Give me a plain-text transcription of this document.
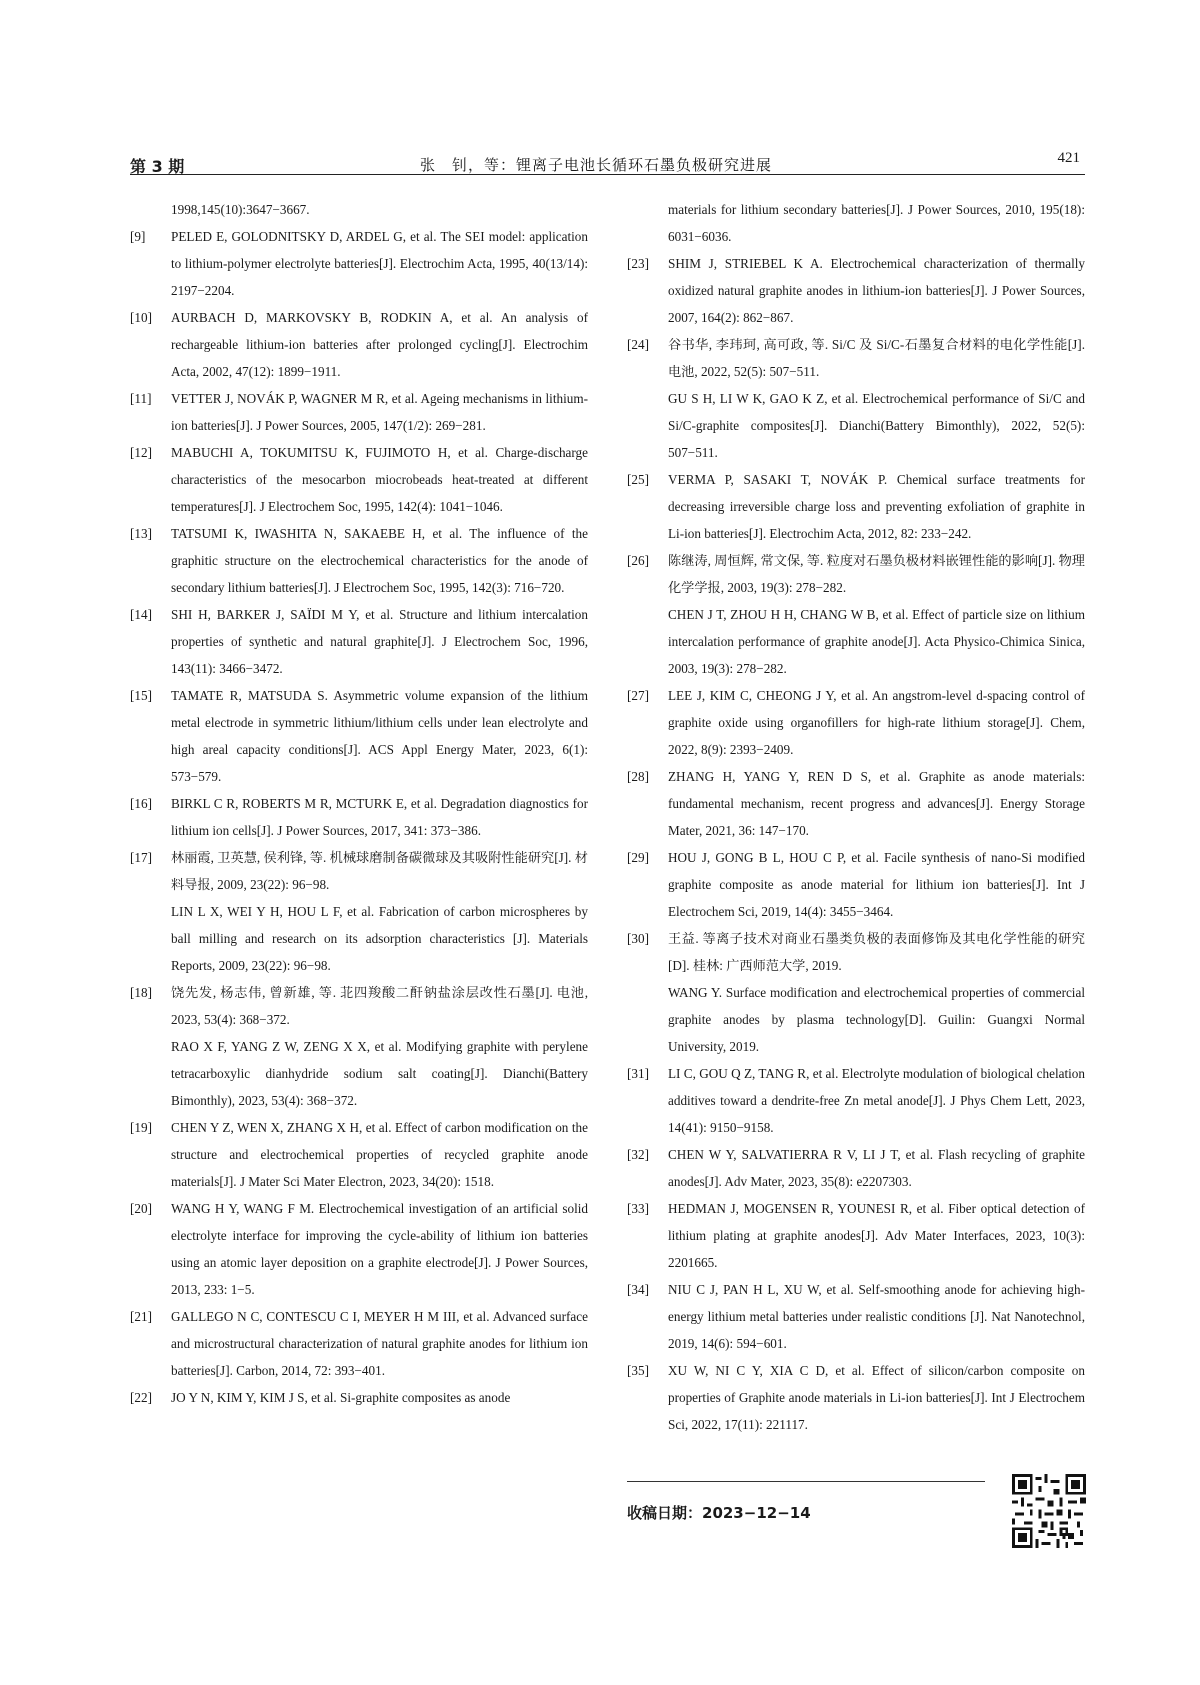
第 3 期	张　钊，等：锂离子电池长循环石墨负极研究进展	421
1998,145(10):3647−3667.
[9] PELED E, GOLODNITSKY D, ARDEL G, et al. The SEI model: application to lithium-polymer electrolyte batteries[J]. Electrochim Acta, 1995, 40(13/14): 2197−2204.
[10] AURBACH D, MARKOVSKY B, RODKIN A, et al. An analysis of rechargeable lithium-ion batteries after prolonged cycling[J]. Electrochim Acta, 2002, 47(12): 1899−1911.
[11] VETTER J, NOVÁK P, WAGNER M R, et al. Ageing mechanisms in lithium-ion batteries[J]. J Power Sources, 2005, 147(1/2): 269−281.
[12] MABUCHI A, TOKUMITSU K, FUJIMOTO H, et al. Charge-discharge characteristics of the mesocarbon miocrobeads heat-treated at different temperatures[J]. J Electrochem Soc, 1995, 142(4): 1041−1046.
[13] TATSUMI K, IWASHITA N, SAKAEBE H, et al. The influence of the graphitic structure on the electrochemical characteristics for the anode of secondary lithium batteries[J]. J Electrochem Soc, 1995, 142(3): 716−720.
[14] SHI H, BARKER J, SAÏDI M Y, et al. Structure and lithium intercalation properties of synthetic and natural graphite[J]. J Electrochem Soc, 1996, 143(11): 3466−3472.
[15] TAMATE R, MATSUDA S. Asymmetric volume expansion of the lithium metal electrode in symmetric lithium/lithium cells under lean electrolyte and high areal capacity conditions[J]. ACS Appl Energy Mater, 2023, 6(1): 573−579.
[16] BIRKL C R, ROBERTS M R, MCTURK E, et al. Degradation diagnostics for lithium ion cells[J]. J Power Sources, 2017, 341: 373−386.
[17] 林丽霞, 卫英慧, 侯利锋, 等. 机械球磨制备碳微球及其吸附性能研究[J]. 材料导报, 2009, 23(22): 96−98.
LIN L X, WEI Y H, HOU L F, et al. Fabrication of carbon microspheres by ball milling and research on its adsorption characteristics [J]. Materials Reports, 2009, 23(22): 96−98.
[18] 饶先发, 杨志伟, 曾新雄, 等. 苝四羧酸二酐钠盐涂层改性石墨[J]. 电池, 2023, 53(4): 368−372.
RAO X F, YANG Z W, ZENG X X, et al. Modifying graphite with perylene tetracarboxylic dianhydride sodium salt coating[J]. Dianchi(Battery Bimonthly), 2023, 53(4): 368−372.
[19] CHEN Y Z, WEN X, ZHANG X H, et al. Effect of carbon modification on the structure and electrochemical properties of recycled graphite anode materials[J]. J Mater Sci Mater Electron, 2023, 34(20): 1518.
[20] WANG H Y, WANG F M. Electrochemical investigation of an artificial solid electrolyte interface for improving the cycle-ability of lithium ion batteries using an atomic layer deposition on a graphite electrode[J]. J Power Sources, 2013, 233: 1−5.
[21] GALLEGO N C, CONTESCU C I, MEYER H M III, et al. Advanced surface and microstructural characterization of natural graphite anodes for lithium ion batteries[J]. Carbon, 2014, 72: 393−401.
[22] JO Y N, KIM Y, KIM J S, et al. Si-graphite composites as anode
materials for lithium secondary batteries[J]. J Power Sources, 2010, 195(18): 6031−6036.
[23] SHIM J, STRIEBEL K A. Electrochemical characterization of thermally oxidized natural graphite anodes in lithium-ion batteries[J]. J Power Sources, 2007, 164(2): 862−867.
[24] 谷书华, 李玮珂, 高可政, 等. Si/C 及 Si/C-石墨复合材料的电化学性能[J]. 电池, 2022, 52(5): 507−511.
GU S H, LI W K, GAO K Z, et al. Electrochemical performance of Si/C and Si/C-graphite composites[J]. Dianchi(Battery Bimonthly), 2022, 52(5): 507−511.
[25] VERMA P, SASAKI T, NOVÁK P. Chemical surface treatments for decreasing irreversible charge loss and preventing exfoliation of graphite in Li-ion batteries[J]. Electrochim Acta, 2012, 82: 233−242.
[26] 陈继涛, 周恒辉, 常文保, 等. 粒度对石墨负极材料嵌锂性能的影响[J]. 物理化学学报, 2003, 19(3): 278−282.
CHEN J T, ZHOU H H, CHANG W B, et al. Effect of particle size on lithium intercalation performance of graphite anode[J]. Acta Physico-Chimica Sinica, 2003, 19(3): 278−282.
[27] LEE J, KIM C, CHEONG J Y, et al. An angstrom-level d-spacing control of graphite oxide using organofillers for high-rate lithium storage[J]. Chem, 2022, 8(9): 2393−2409.
[28] ZHANG H, YANG Y, REN D S, et al. Graphite as anode materials: fundamental mechanism, recent progress and advances[J]. Energy Storage Mater, 2021, 36: 147−170.
[29] HOU J, GONG B L, HOU C P, et al. Facile synthesis of nano-Si modified graphite composite as anode material for lithium ion batteries[J]. Int J Electrochem Sci, 2019, 14(4): 3455−3464.
[30] 王益. 等离子技术对商业石墨类负极的表面修饰及其电化学性能的研究[D]. 桂林: 广西师范大学, 2019.
WANG Y. Surface modification and electrochemical properties of commercial graphite anodes by plasma technology[D]. Guilin: Guangxi Normal University, 2019.
[31] LI C, GOU Q Z, TANG R, et al. Electrolyte modulation of biological chelation additives toward a dendrite-free Zn metal anode[J]. J Phys Chem Lett, 2023, 14(41): 9150−9158.
[32] CHEN W Y, SALVATIERRA R V, LI J T, et al. Flash recycling of graphite anodes[J]. Adv Mater, 2023, 35(8): e2207303.
[33] HEDMAN J, MOGENSEN R, YOUNESI R, et al. Fiber optical detection of lithium plating at graphite anodes[J]. Adv Mater Interfaces, 2023, 10(3): 2201665.
[34] NIU C J, PAN H L, XU W, et al. Self-smoothing anode for achieving high-energy lithium metal batteries under realistic conditions [J]. Nat Nanotechnol, 2019, 14(6): 594−601.
[35] XU W, NI C Y, XIA C D, et al. Effect of silicon/carbon composite on properties of Graphite anode materials in Li-ion batteries[J]. Int J Electrochem Sci, 2022, 17(11): 221117.
收稿日期：2023−12−14
